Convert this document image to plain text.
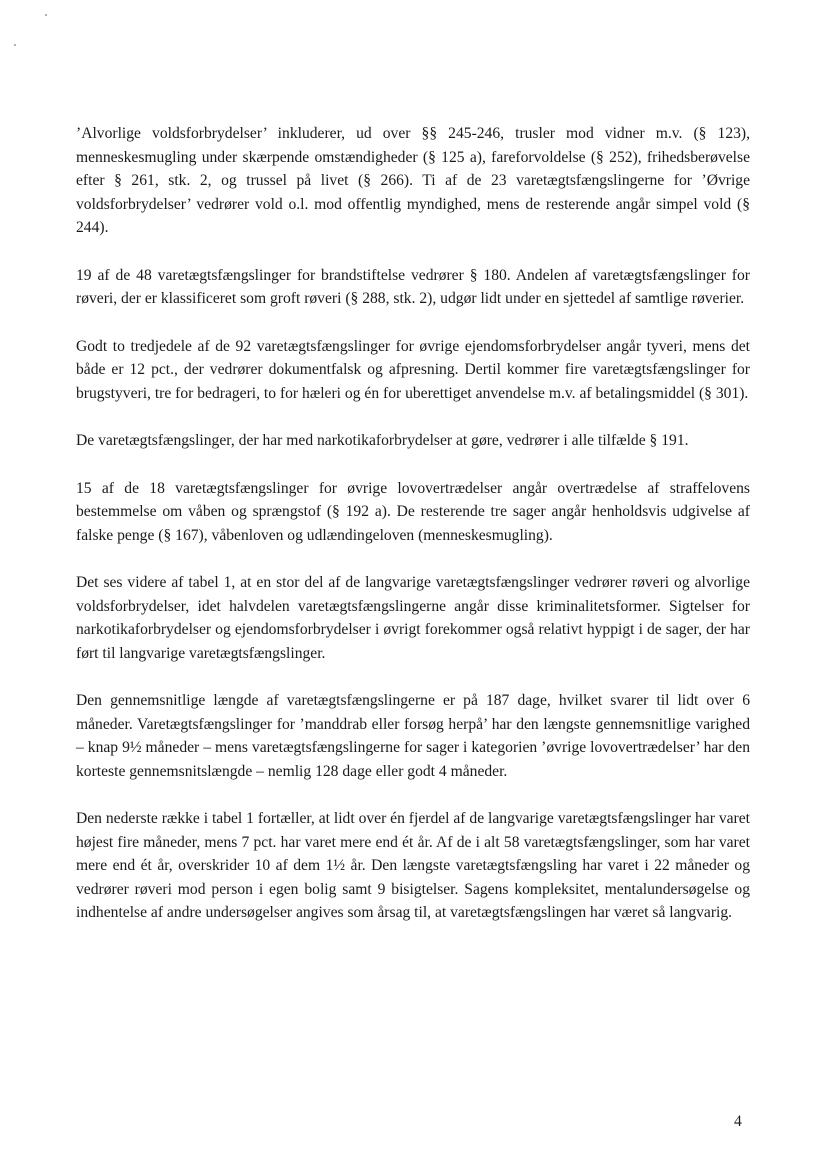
’Alvorlige voldsforbrydelser’ inkluderer, ud over §§ 245-246, trusler mod vidner m.v. (§ 123), menneskesmugling under skærpende omstændigheder (§ 125 a), fareforvoldelse (§ 252), frihedsberøvelse efter § 261, stk. 2, og trussel på livet (§ 266). Ti af de 23 varetægtsfængslingerne for ’Øvrige voldsforbrydelser’ vedrører vold o.l. mod offentlig myndighed, mens de resterende angår simpel vold (§ 244).

19 af de 48 varetægtsfængslinger for brandstiftelse vedrører § 180. Andelen af varetægtsfængslinger for røveri, der er klassificeret som groft røveri (§ 288, stk. 2), udgør lidt under en sjettedel af samtlige røverier.

Godt to tredjedele af de 92 varetægtsfængslinger for øvrige ejendomsforbrydelser angår tyveri, mens det både er 12 pct., der vedrører dokumentfalsk og afpresning. Dertil kommer fire varetægtsfængslinger for brugstyveri, tre for bedrageri, to for hæleri og én for uberettiget anvendelse m.v. af betalingsmiddel (§ 301).

De varetægtsfængslinger, der har med narkotikaforbrydelser at gøre, vedrører i alle tilfælde § 191.

15 af de 18 varetægtsfængslinger for øvrige lovovertrædelser angår overtrædelse af straffelovens bestemmelse om våben og sprængstof (§ 192 a). De resterende tre sager angår henholdsvis udgivelse af falske penge (§ 167), våbenloven og udlændingeloven (menneskesmugling).

Det ses videre af tabel 1, at en stor del af de langvarige varetægtsfængslinger vedrører røveri og alvorlige voldsforbrydelser, idet halvdelen varetægtsfængslingerne angår disse kriminalitetsformer. Sigtelser for narkotikaforbrydelser og ejendomsforbrydelser i øvrigt forekommer også relativt hyppigt i de sager, der har ført til langvarige varetægtsfængslinger.

Den gennemsnitlige længde af varetægtsfængslingerne er på 187 dage, hvilket svarer til lidt over 6 måneder. Varetægtsfængslinger for ’manddrab eller forsøg herpå’ har den længste gennemsnitlige varighed – knap 9½ måneder – mens varetægtsfængslingerne for sager i kategorien ’øvrige lovovertrædelser’ har den korteste gennemsnitslængde – nemlig 128 dage eller godt 4 måneder.

Den nederste række i tabel 1 fortæller, at lidt over én fjerdel af de langvarige varetægtsfængslinger har varet højest fire måneder, mens 7 pct. har varet mere end ét år. Af de i alt 58 varetægtsfængslinger, som har varet mere end ét år, overskrider 10 af dem 1½ år. Den længste varetægtsfængsling har varet i 22 måneder og vedrører røveri mod person i egen bolig samt 9 bisigtelser. Sagens kompleksitet, mentalundersøgelse og indhentelse af andre undersøgelser angives som årsag til, at varetægtsfængslingen har været så langvarig.

4
